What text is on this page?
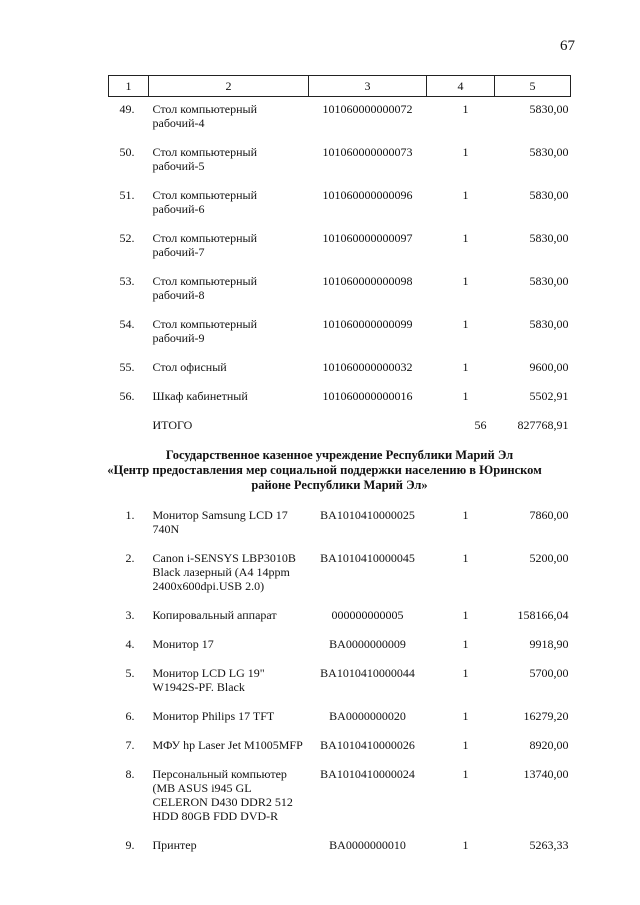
67
1	2	3	4	5
49.	Стол компьютерный рабочий-4	101060000000072	1	5830,00
50.	Стол компьютерный рабочий-5	101060000000073	1	5830,00
51.	Стол компьютерный рабочий-6	101060000000096	1	5830,00
52.	Стол компьютерный рабочий-7	101060000000097	1	5830,00
53.	Стол компьютерный рабочий-8	101060000000098	1	5830,00
54.	Стол компьютерный рабочий-9	101060000000099	1	5830,00
55.	Стол офисный	101060000000032	1	9600,00
56.	Шкаф кабинетный	101060000000016	1	5502,91
	ИТОГО		56	827768,91

Государственное казенное учреждение Республики Марий Эл
«Центр предоставления мер социальной поддержки населению в Юринском
районе Республики Марий Эл»				

1.	Монитор Samsung LCD 17 740N	BA1010410000025	1	7860,00
2.	Canon i-SENSYS LBP3010B Black лазерный (A4 14ppm 2400x600dpi.USB 2.0)	BA1010410000045	1	5200,00
3.	Копировальный аппарат	000000000005	1	158166,04
4.	Монитор 17	BA0000000009	1	9918,90
5.	Монитор LCD LG 19" W1942S-PF. Black	BA1010410000044	1	5700,00
6.	Монитор Philips 17 TFT	BA0000000020	1	16279,20
7.	МФУ hp Laser Jet M1005MFP	BA1010410000026	1	8920,00
8.	Персональный компьютер (MB ASUS i945 GL CELERON D430 DDR2 512 HDD 80GB FDD DVD-R	BA1010410000024	1	13740,00
9.	Принтер	BA0000000010	1	5263,33
